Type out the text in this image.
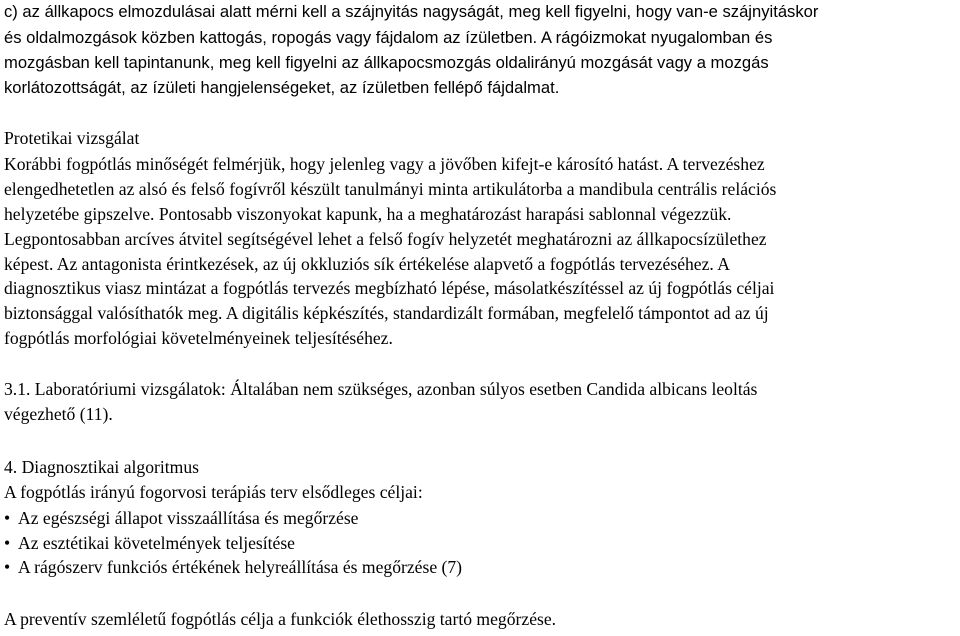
c) az állkapocs elmozdulásai alatt mérni kell a szájnyitás nagyságát, meg kell figyelni, hogy van-e szájnyitáskor
és oldalmozgások közben kattogás, ropogás vagy fájdalom az ízületben. A rágóizmokat nyugalomban és
mozgásban kell tapintanunk, meg kell figyelni az állkapocsmozgás oldalirányú mozgását vagy a mozgás
korlátozottságát, az ízületi hangjelenségeket, az ízületben fellépő fájdalmat.
Protetikai vizsgálat
Korábbi fogpótlás minőségét felmérjük, hogy jelenleg vagy a jövőben kifejt-e károsító hatást. A tervezéshez
elengedhetetlen az alsó és felső fogívről készült tanulmányi minta artikulátorba a mandibula centrális relációs
helyzetébe gipszelve. Pontosabb viszonyokat kapunk, ha a meghatározást harapási sablonnal végezzük.
Legpontosabban arcíves átvitel segítségével lehet a felső fogív helyzetét meghatározni az állkapocsízülethez
képest. Az antagonista érintkezések, az új okkluziós sík értékelése alapvető a fogpótlás tervezéséhez. A
diagnosztikus viasz mintázat a fogpótlás tervezés megbízható lépése, másolatkészítéssel az új fogpótlás céljai
biztonsággal valósíthatók meg. A digitális képkészítés, standardizált formában, megfelelő támpontot ad az új
fogpótlás morfológiai követelményeinek teljesítéséhez.
3.1. Laboratóriumi vizsgálatok: Általában nem szükséges, azonban súlyos esetben Candida albicans leoltás
végezhető (11).
4. Diagnosztikai algoritmus
A fogpótlás irányú fogorvosi terápiás terv elsődleges céljai:
• Az egészségi állapot visszaállítása és megőrzése
• Az esztétikai követelmények teljesítése
• A rágószerv funkciós értékének helyreállítása és megőrzése (7)
A preventív szemléletű fogpótlás célja a funkciók élethosszig tartó megőrzése.
